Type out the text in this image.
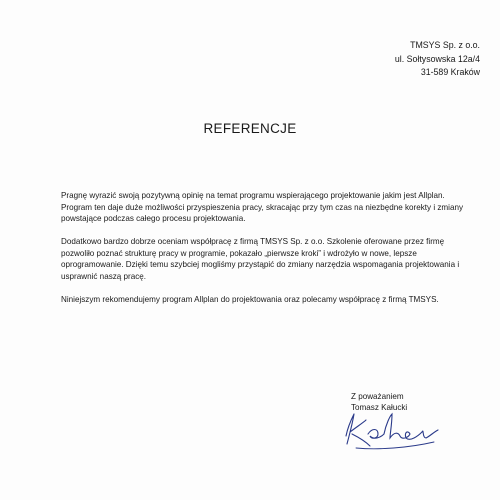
TMSYS Sp. z o.o.
ul. Sołtysowska 12a/4
31-589 Kraków
REFERENCJE

Pragnę wyrazić swoją pozytywną opinię na temat programu wspierającego projektowanie jakim jest Allplan. Program ten daje duże możliwości przyspieszenia pracy, skracając przy tym czas na niezbędne korekty i zmiany powstające podczas całego procesu projektowania.

Dodatkowo bardzo dobrze oceniam współpracę z firmą TMSYS Sp. z o.o. Szkolenie oferowane przez firmę pozwoliło poznać strukturę pracy w programie, pokazało „pierwsze kroki” i wdrożyło w nowe, lepsze oprogramowanie. Dzięki temu szybciej mogliśmy przystąpić do zmiany narzędzia wspomagania projektowania i usprawnić naszą pracę.

Niniejszym rekomendujemy program Allplan do projektowania oraz polecamy współpracę z firmą TMSYS.

Z poważaniem
Tomasz Kałucki
